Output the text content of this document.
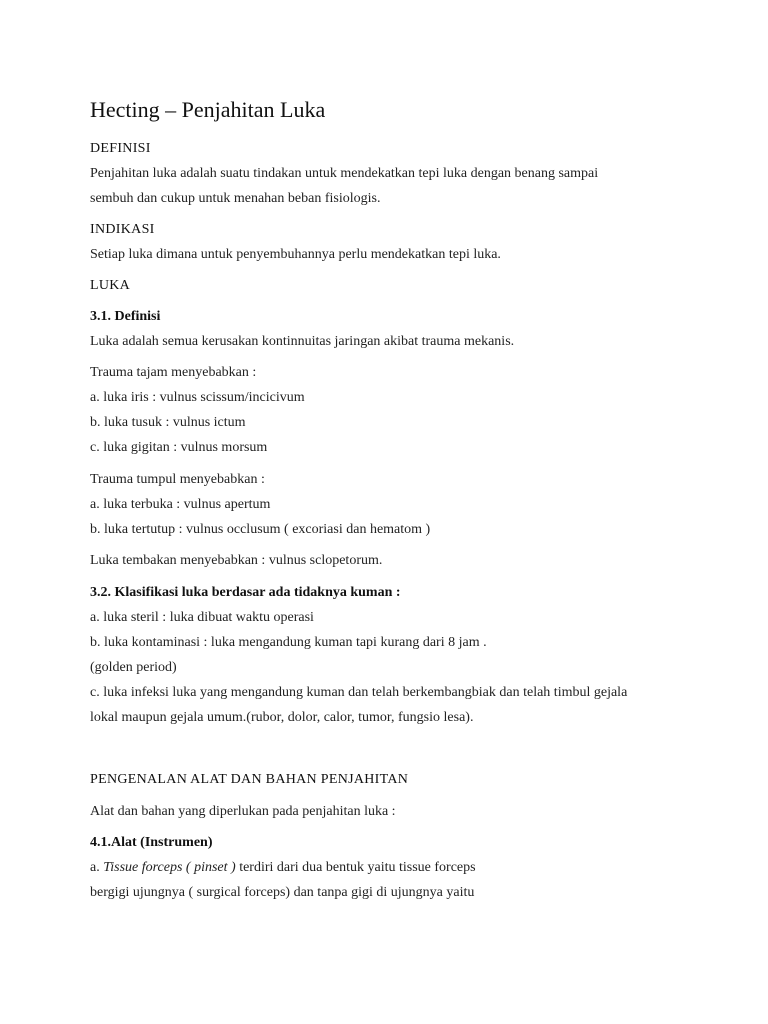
Hecting – Penjahitan Luka
DEFINISI
Penjahitan luka adalah suatu tindakan untuk mendekatkan tepi luka dengan benang sampai
sembuh dan cukup untuk menahan beban fisiologis.
INDIKASI
Setiap luka dimana untuk penyembuhannya perlu mendekatkan tepi luka.
LUKA
3.1. Definisi
Luka adalah semua kerusakan kontinnuitas jaringan akibat trauma mekanis.
Trauma tajam menyebabkan :
a. luka iris : vulnus scissum/incicivum
b. luka tusuk : vulnus ictum
c. luka gigitan : vulnus morsum
Trauma tumpul menyebabkan :
a. luka terbuka : vulnus apertum
b. luka tertutup : vulnus occlusum ( excoriasi dan hematom )
Luka tembakan menyebabkan : vulnus sclopetorum.
3.2. Klasifikasi luka berdasar ada tidaknya kuman :
a. luka steril : luka dibuat waktu operasi
b. luka kontaminasi : luka mengandung kuman tapi kurang dari 8 jam .
(golden period)
c. luka infeksi luka yang mengandung kuman dan telah berkembangbiak dan telah timbul gejala
lokal maupun gejala umum.(rubor, dolor, calor, tumor, fungsio lesa).
PENGENALAN ALAT DAN BAHAN PENJAHITAN
Alat dan bahan yang diperlukan pada penjahitan luka :
4.1.Alat (Instrumen)
a. Tissue forceps ( pinset ) terdiri dari dua bentuk yaitu tissue forceps
bergigi ujungnya ( surgical forceps) dan tanpa gigi di ujungnya yaitu
